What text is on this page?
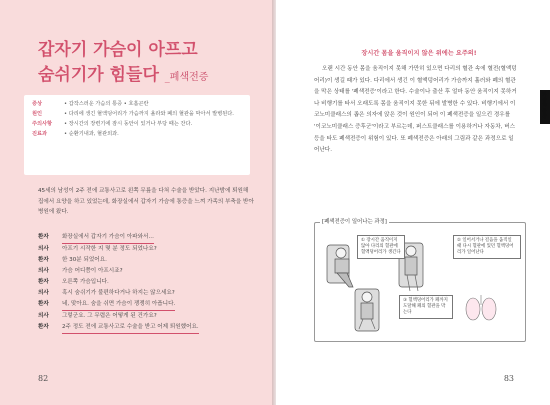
갑자기 가슴이 아프고
숨쉬기가 힘들다 _폐색전증
증상	• 갑작스러운 가슴의 통증 • 호흡곤란
원인	• 다리에 생긴 혈액덩어리가 가슴까지 올라와 폐의 혈관을 막아서 발병된다.
주의사항	• 장시간의 장련기에 잠시 동안이 있거나 부당 때는 잔다.
진료과	• 순환기내과, 혈관외과.
45세의 남성이 2주 전에 교통사고로 왼쪽 무릎을 다쳐 수술을 받았다. 지난밤에 퇴원해 집에서 요양을 하고 있었는데, 화장실에서 갑자기 가슴에 통증을 느껴 가족의 부축을 받아 병원에 왔다.
환자	화장실에서 갑자기 가슴이 아파와서…
의사	아프기 시작한 지 몇 분 정도 되었나요?
환자	한 30분 되었어요.
의사	가슴 어디쯤이 아프시죠?
환자	오른쪽 가슴입니다.
의사	혹시 숨쉬기가 불편하다거나 하지는 않으세요?
환자	네, 맞아요. 숨을 쉬면 가슴이 쟁쟁히 아픕니다.
의사	그렇군요. 그 무렵은 어떻게 된 건가요?
환자	2주 정도 전에 교통사고로 수술을 받고 어제 퇴원했어요.
82
장시간 몸을 움직이지 않은 위에는 요주의!
오랜 시간 동안 몸을 움직이지 못해 가만히 있으면 다리의 혈관 속에 혈전(혈액덩어리)이 생길 때가 있다. 다리에서 생긴 이 혈액덩어리가 가슴까지 흘러와 폐의 혈관을 막은 상태를 '폐색전증'이라고 한다. 수술이나 출산 후 얼마 동안 움직이지 못하거나 비행기를 타서 오래도록 몸을 움직이지 못한 뒤에 발병한 수 있다. 비행기에서 이코노미클래스의 좁은 의자에 앉은 것이 원인이 되어 이 폐색전증을 일으킨 경우를 '이코노미클래스 증후군'이라고 부르는데, 퍼스트클래스를 이용하거나 자동차, 버스 등을 타도 폐색전증이 위험이 있다. 또 폐색전증은 아래의 그림과 같은 과정으로 일어난다.
[폐색전증이 일어나는 과정]
① 장시간 움직이지 않아 다리의 혈관에 혈액덩어리가 생긴다
② 일어서거나 걸음을 움직일 때 다시 혈관에 있던 혈액덩어리가 일어난다
③ 혈액덩어리가 폐까지 도달해 폐의 혈관을 막는다
가슴의 증상
83
